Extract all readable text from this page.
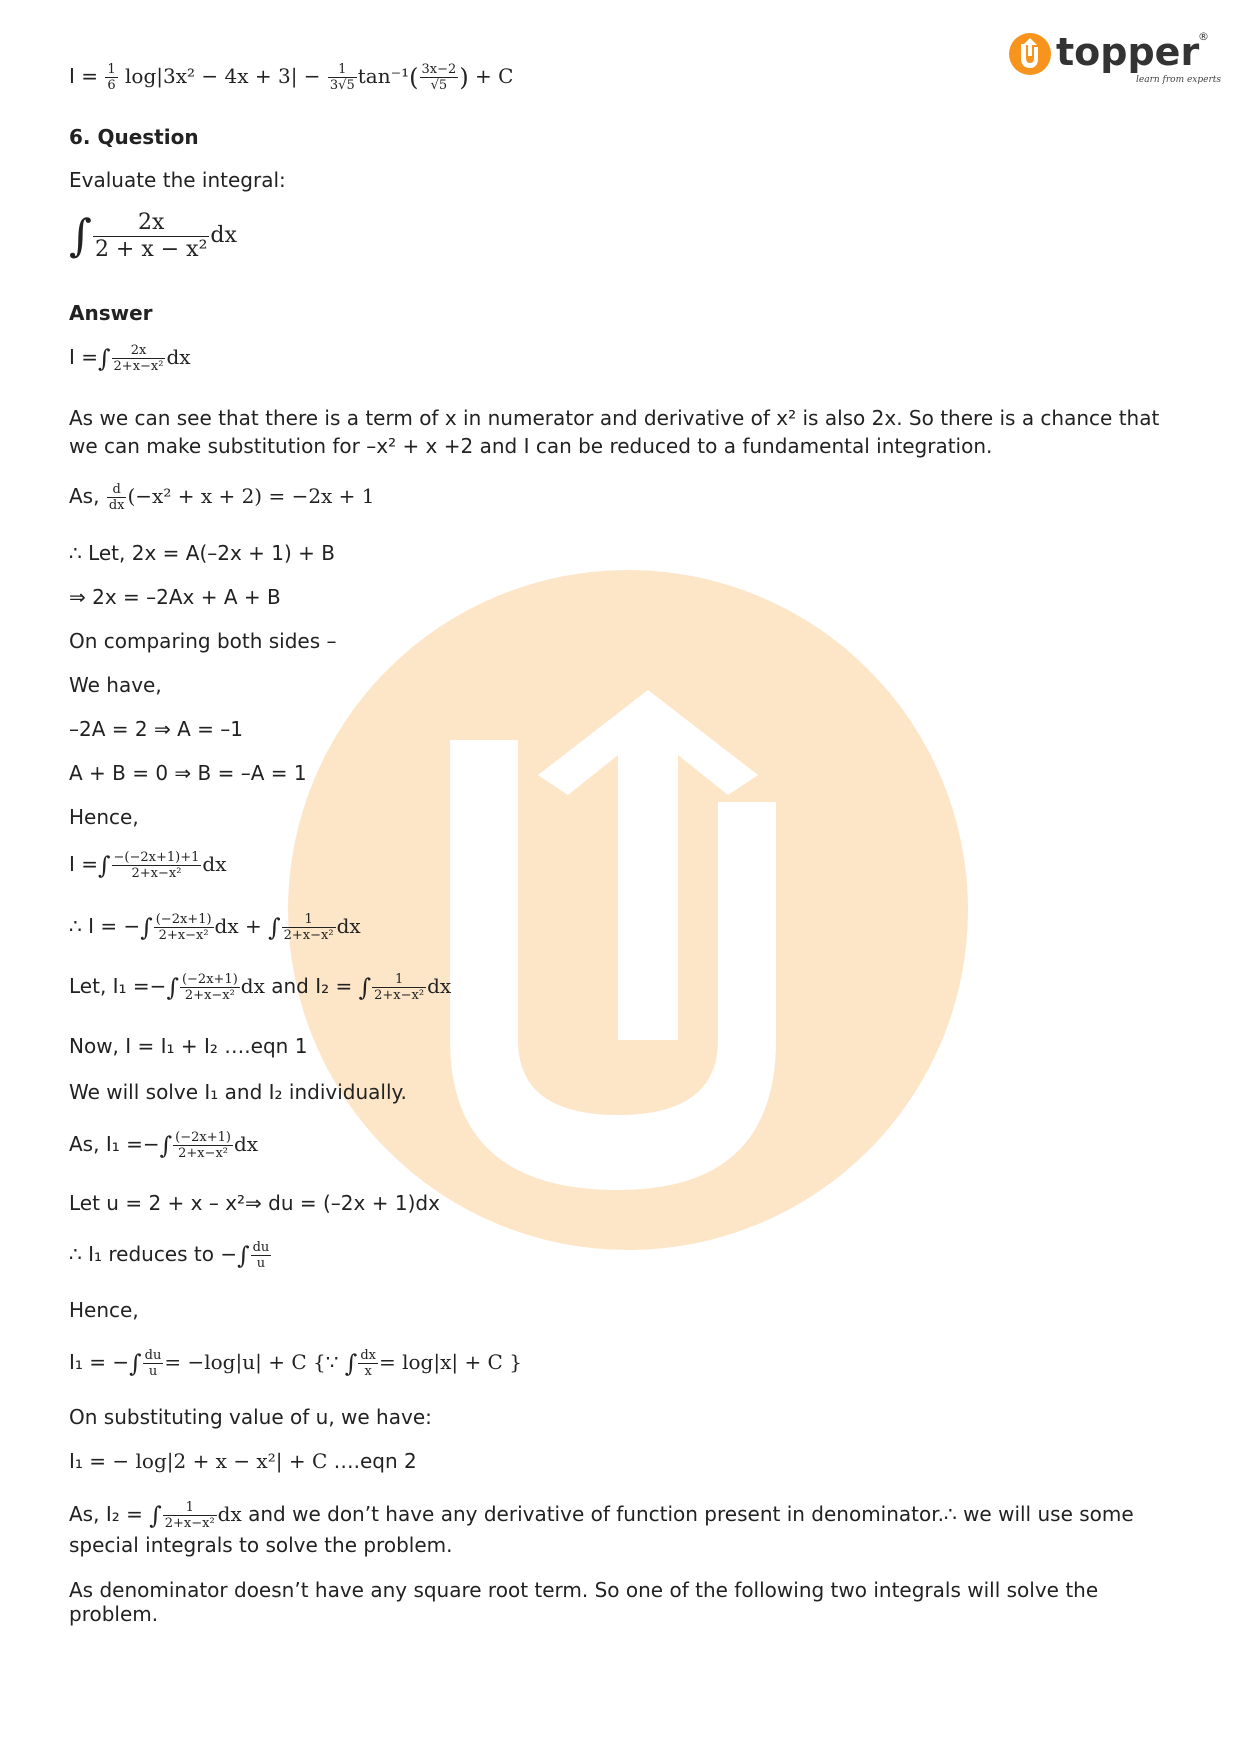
topper
®
learn from experts
$I = \frac{1}{6} \log|3x^2 - 4x + 3| - \frac{1}{3√5} \tan^{-1}( \frac{3x-2}{√5}$ ) + C
6. Question
Evaluate the integral:
∫ $\frac{2x}{\text{2 + x − x²}}$ dx
Answer
I =∫ $\frac{2x}{\text{2+x−x²}}$ dx
As we can see that there is a term of x in numerator and derivative of x² is also 2x. So there is a chance that we can make substitution for –x² + x +2 and I can be reduced to a fundamental integration.
As, $\frac{d}{dx} (-x^2 + x + 2) = -2x + 1$
∴ Let, 2x = A(–2x + 1) + B
⇒ 2x = –2Ax + A + B
On comparing both sides –
We have,
–2A = 2 ⇒ A = –1
A + B = 0 ⇒ B = –A = 1
Hence,
I =∫ $\frac{-(-2x+1)+1}{\text{2+x−x²}}$ dx
∴ I = −∫ $\frac{(-2x+1)}{\text{2+x−x²}}$ dx + ∫ $\frac{1}{\text{2+x−x²}}$ dx
Let, I₁ =−∫ $\frac{(-2x+1)}{\text{2+x−x²}}$ dx and I₂ = ∫ $\frac{1}{\text{2+x−x²}}$ dx
Now, I = I₁ + I₂ ….eqn 1
We will solve I₁ and I₂ individually.
As, I₁ =−∫ $\frac{(-2x+1)}{\text{2+x−x²}}$ dx
Let u = 2 + x – x²⇒ du = (–2x + 1)dx
∴ I₁ reduces to −∫ $\frac{du}{u}$
Hence,
I₁ = −∫ $\frac{du}{u} = -\log|u| + C$ {∵ ∫ $\frac{dx}{x} = \log|x| + C$ }
On substituting value of u, we have:
I₁ = − log|2 + x − x²| + C ….eqn 2
As, I₂ = ∫ $\frac{1}{\text{2+x−x²}}$ dx and we don’t have any derivative of function present in denominator.∴ we will use some special integrals to solve the problem.
As denominator doesn’t have any square root term. So one of the following two integrals will solve the problem.
